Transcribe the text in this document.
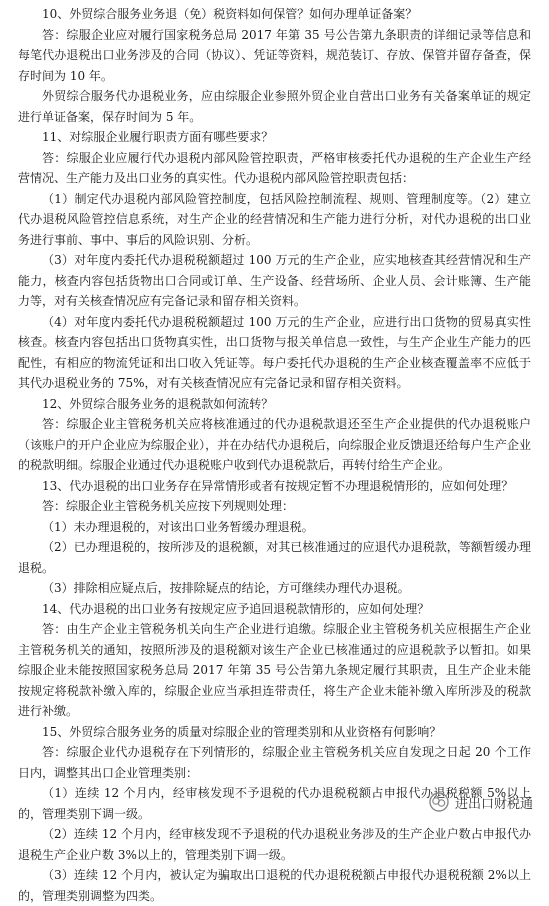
10、外贸综合服务业务退（免）税资料如何保管？如何办理单证备案？

答：综服企业应对履行国家税务总局 2017 年第 35 号公告第九条职责的详细记录等信息和每笔代办退税出口业务涉及的合同（协议）、凭证等资料，规范装订、存放、保管并留存备查，保存时间为 10 年。

外贸综合服务代办退税业务，应由综服企业参照外贸企业自营出口业务有关备案单证的规定进行单证备案，保存时间为 5 年。

11、对综服企业履行职责方面有哪些要求？

答：综服企业应履行代办退税内部风险管控职责，严格审核委托代办退税的生产企业生产经营情况、生产能力及出口业务的真实性。代办退税内部风险管控职责包括：

（1）制定代办退税内部风险管控制度，包括风险控制流程、规则、管理制度等。（2）建立代办退税风险管控信息系统，对生产企业的经营情况和生产能力进行分析，对代办退税的出口业务进行事前、事中、事后的风险识别、分析。

（3）对年度内委托代办退税税额超过 100 万元的生产企业，应实地核查其经营情况和生产能力，核查内容包括货物出口合同或订单、生产设备、经营场所、企业人员、会计账簿、生产能力等，对有关核查情况应有完备记录和留存相关资料。

（4）对年度内委托代办退税税额超过 100 万元的生产企业，应进行出口货物的贸易真实性核查。核查内容包括出口货物真实性，出口货物与报关单信息一致性，与生产企业生产能力的匹配性，有相应的物流凭证和出口收入凭证等。每户委托代办退税的生产企业核查覆盖率不应低于其代办退税业务的 75%，对有关核查情况应有完备记录和留存相关资料。

12、外贸综合服务业务的退税款如何流转？

答：综服企业主管税务机关应将核准通过的代办退税款退还至生产企业提供的代办退税账户（该账户的开户企业应为综服企业），并在办结代办退税后，向综服企业反馈退还给每户生产企业的税款明细。综服企业通过代办退税账户收到代办退税款后，再转付给生产企业。

13、代办退税的出口业务存在异常情形或者有按规定暂不办理退税情形的，应如何处理？

答：综服企业主管税务机关应按下列规则处理：

（1）未办理退税的，对该出口业务暂缓办理退税。

（2）已办理退税的，按所涉及的退税额，对其已核准通过的应退代办退税款，等额暂缓办理退税。

（3）排除相应疑点后，按排除疑点的结论，方可继续办理代办退税。

14、代办退税的出口业务有按规定应予追回退税款情形的，应如何处理？

答：由生产企业主管税务机关向生产企业进行追缴。综服企业主管税务机关应根据生产企业主管税务机关的通知，按照所涉及的退税额对该生产企业已核准通过的应退税款予以暂扣。如果综服企业未能按照国家税务总局 2017 年第 35 号公告第九条规定履行其职责，且生产企业未能按规定将税款补缴入库的，综服企业应当承担连带责任，将生产企业未能补缴入库所涉及的税款进行补缴。

15、外贸综合服务业务的质量对综服企业的管理类别和从业资格有何影响？

答：综服企业代办退税存在下列情形的，综服企业主管税务机关应自发现之日起 20 个工作日内，调整其出口企业管理类别：

（1）连续 12 个月内，经审核发现不予退税的代办退税税额占申报代办退税税额 5%以上的，管理类别下调一级。

（2）连续 12 个月内，经审核发现不予退税的代办退税业务涉及的生产企业户数占申报代办退税生产企业户数 3%以上的，管理类别下调一级。

（3）连续 12 个月内，被认定为骗取出口退税的代办退税税额占申报代办退税税额 2%以上的，管理类别调整为四类。

进出口财税通
